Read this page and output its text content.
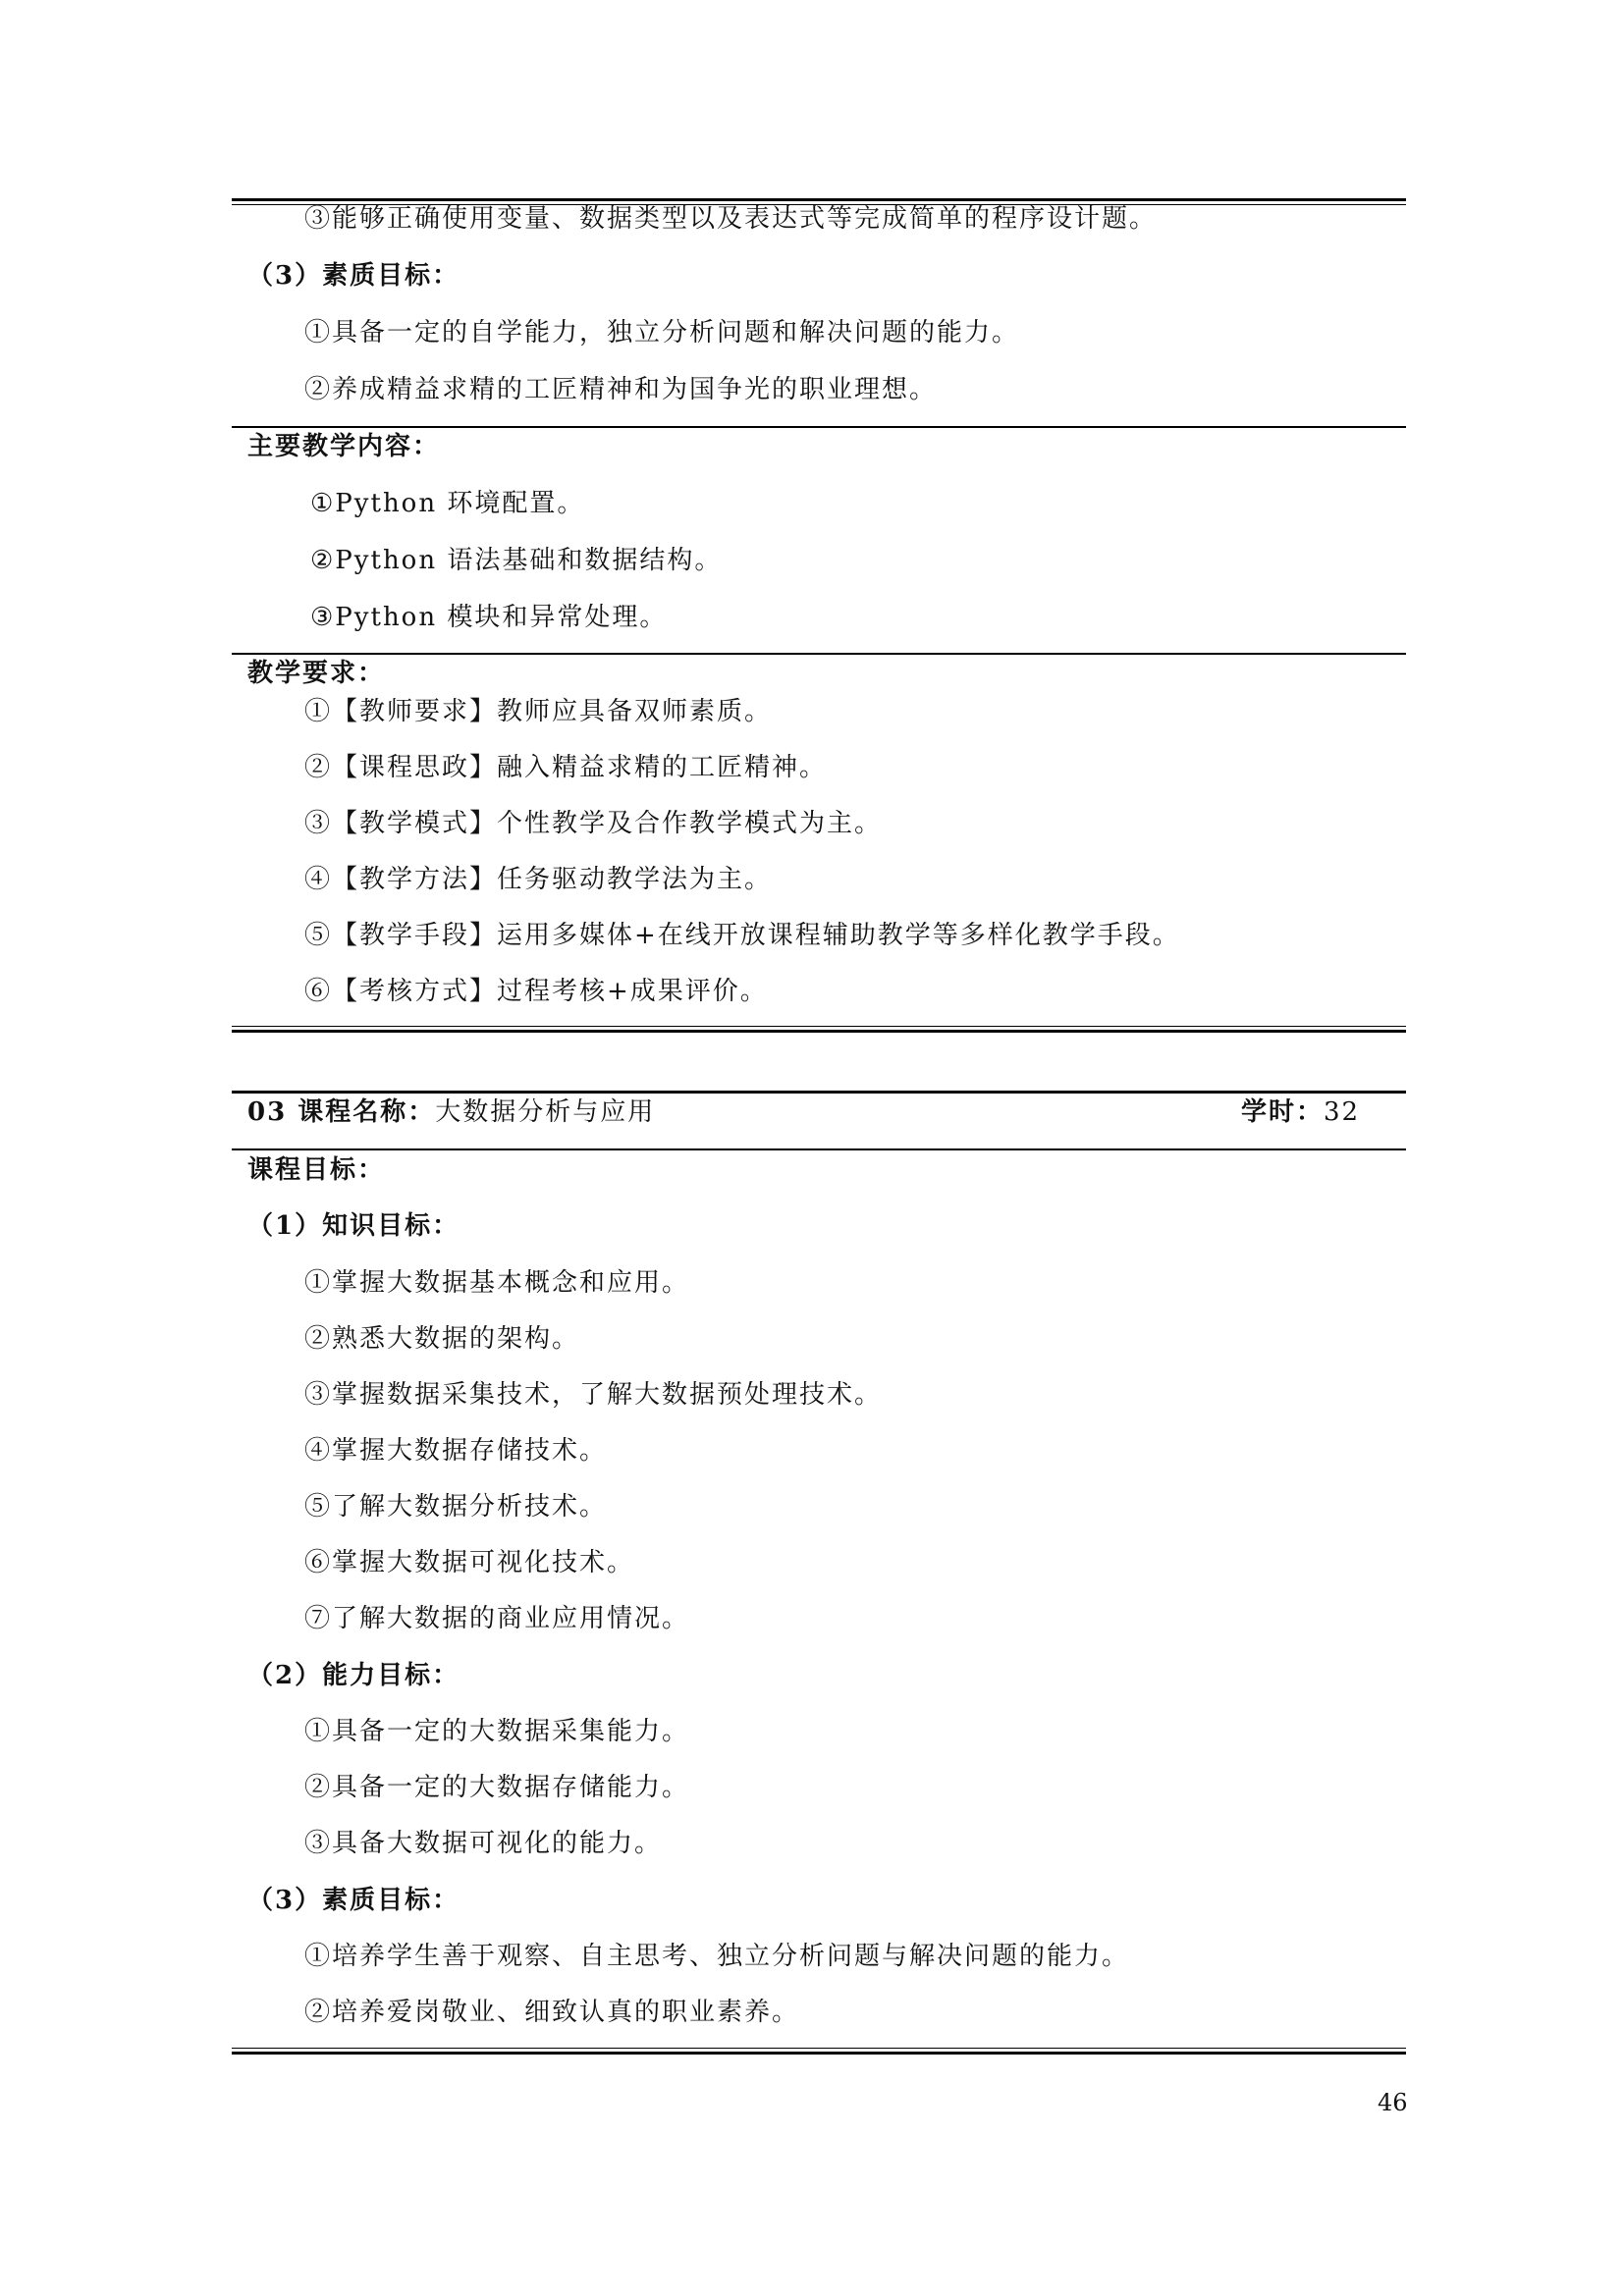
③能够正确使用变量、数据类型以及表达式等完成简单的程序设计题。
（3）素质目标：
①具备一定的自学能力，独立分析问题和解决问题的能力。
②养成精益求精的工匠精神和为国争光的职业理想。
主要教学内容：
①Python 环境配置。
②Python 语法基础和数据结构。
③Python 模块和异常处理。
教学要求：
①【教师要求】教师应具备双师素质。
②【课程思政】融入精益求精的工匠精神。
③【教学模式】个性教学及合作教学模式为主。
④【教学方法】任务驱动教学法为主。
⑤【教学手段】运用多媒体+在线开放课程辅助教学等多样化教学手段。
⑥【考核方式】过程考核+成果评价。
03 课程名称：大数据分析与应用	学时：32
课程目标：
（1）知识目标：
①掌握大数据基本概念和应用。
②熟悉大数据的架构。
③掌握数据采集技术，了解大数据预处理技术。
④掌握大数据存储技术。
⑤了解大数据分析技术。
⑥掌握大数据可视化技术。
⑦了解大数据的商业应用情况。
（2）能力目标：
①具备一定的大数据采集能力。
②具备一定的大数据存储能力。
③具备大数据可视化的能力。
（3）素质目标：
①培养学生善于观察、自主思考、独立分析问题与解决问题的能力。
②培养爱岗敬业、细致认真的职业素养。
46
